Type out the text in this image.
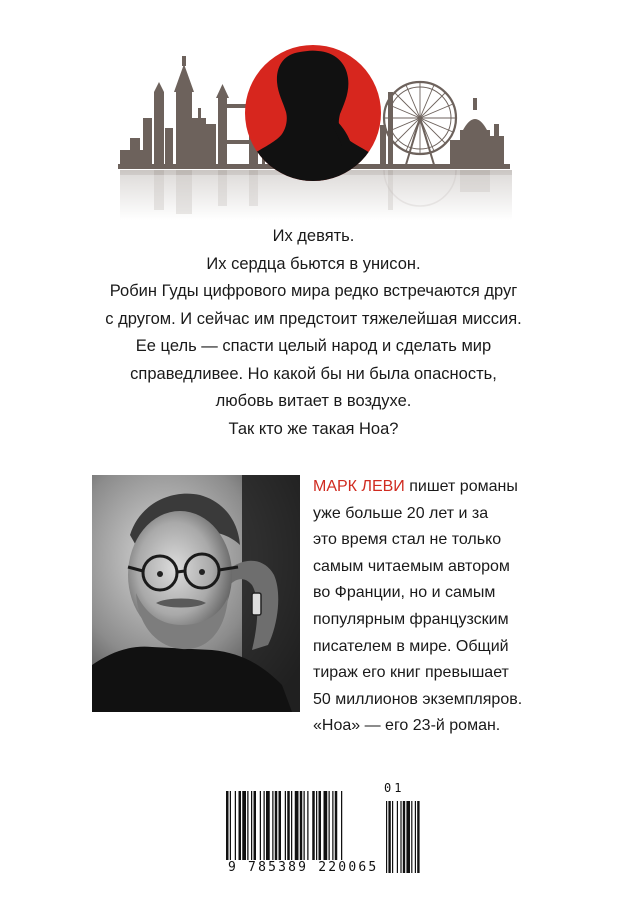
Их девять.

Их сердца бьются в унисон.

Робин Гуды цифрового мира редко встречаются друг

с другом. И сейчас им предстоит тяжелейшая миссия.

Ее цель — спасти целый народ и сделать мир

справедливее. Но какой бы ни была опасность,

любовь витает в воздухе.

Так кто же такая Ноа?

МАРК ЛЕВИ пишет романы
уже больше 20 лет и за
это время стал не только
самым читаемым автором
во Франции, но и самым
популярным французским
писателем в мире. Общий
тираж его книг превышает
50 миллионов экземпляров.
«Ноа» — его 23-й роман.
9 785389 220065
01
